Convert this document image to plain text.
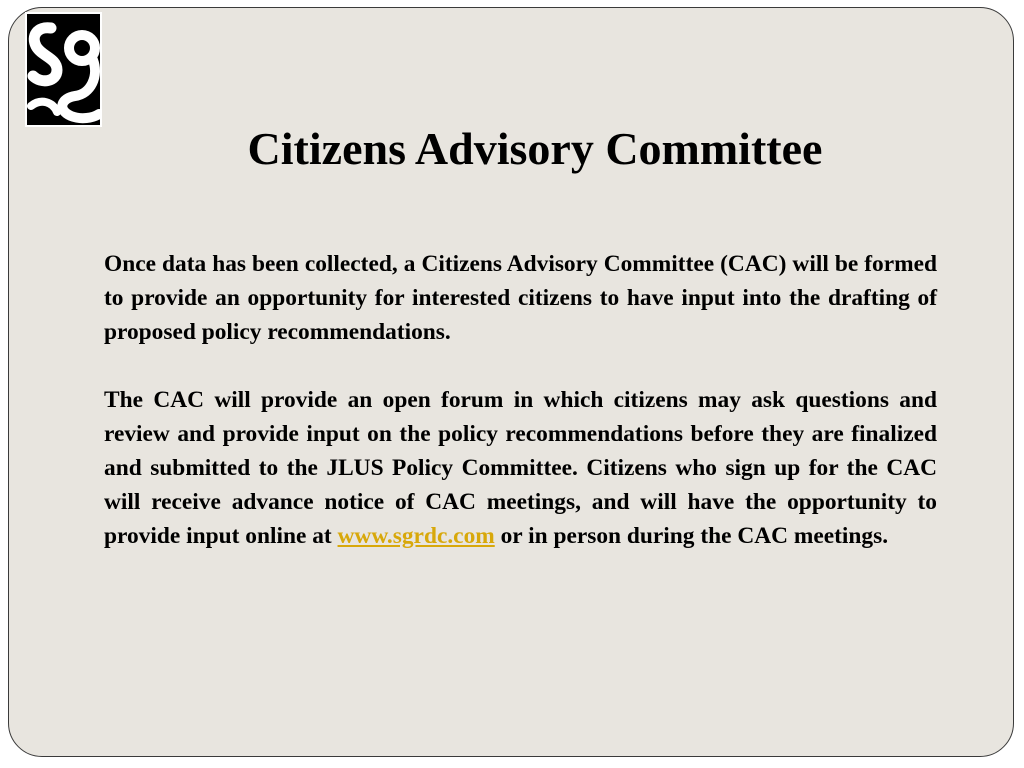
Citizens Advisory Committee

Once data has been collected, a Citizens Advisory Committee (CAC) will be formed to provide an opportunity for interested citizens to have input into the drafting of proposed policy recommendations.

The CAC will provide an open forum in which citizens may ask questions and review and provide input on the policy recommendations before they are finalized and submitted to the JLUS Policy Committee. Citizens who sign up for the CAC will receive advance notice of CAC meetings, and will have the opportunity to provide input online at www.sgrdc.com or in person during the CAC meetings.
